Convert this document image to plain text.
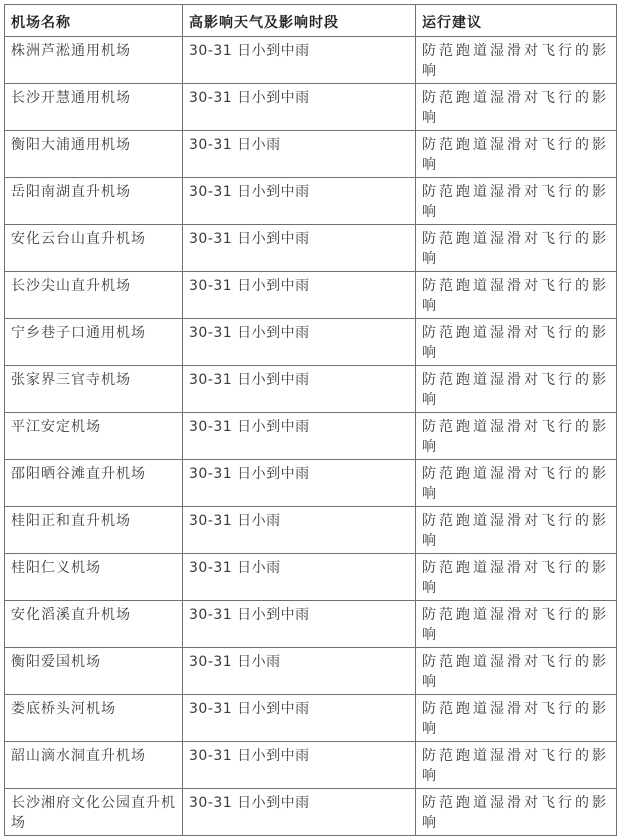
机场名称	高影响天气及影响时段	运行建议
株洲芦淞通用机场	30-31 日小到中雨	防范跑道湿滑对飞行的影响
长沙开慧通用机场	30-31 日小到中雨	防范跑道湿滑对飞行的影响
衡阳大浦通用机场	30-31 日小雨	防范跑道湿滑对飞行的影响
岳阳南湖直升机场	30-31 日小到中雨	防范跑道湿滑对飞行的影响
安化云台山直升机场	30-31 日小到中雨	防范跑道湿滑对飞行的影响
长沙尖山直升机场	30-31 日小到中雨	防范跑道湿滑对飞行的影响
宁乡巷子口通用机场	30-31 日小到中雨	防范跑道湿滑对飞行的影响
张家界三官寺机场	30-31 日小到中雨	防范跑道湿滑对飞行的影响
平江安定机场	30-31 日小到中雨	防范跑道湿滑对飞行的影响
邵阳晒谷滩直升机场	30-31 日小到中雨	防范跑道湿滑对飞行的影响
桂阳正和直升机场	30-31 日小雨	防范跑道湿滑对飞行的影响
桂阳仁义机场	30-31 日小雨	防范跑道湿滑对飞行的影响
安化滔溪直升机场	30-31 日小到中雨	防范跑道湿滑对飞行的影响
衡阳爱国机场	30-31 日小雨	防范跑道湿滑对飞行的影响
娄底桥头河机场	30-31 日小到中雨	防范跑道湿滑对飞行的影响
韶山滴水洞直升机场	30-31 日小到中雨	防范跑道湿滑对飞行的影响
长沙湘府文化公园直升机场	30-31 日小到中雨	防范跑道湿滑对飞行的影响
